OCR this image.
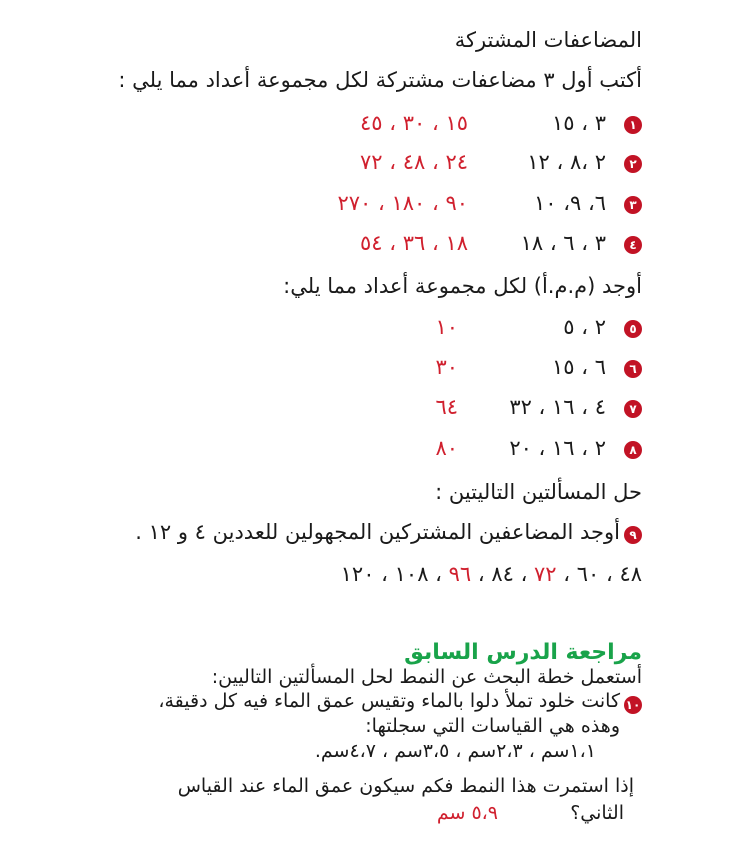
المضاعفات المشتركة
أكتب أول ٣ مضاعفات مشتركة لكل مجموعة أعداد مما يلي :
١
٣ ، ١٥
١٥ ، ٣٠ ، ٤٥
٢
٢ ،٨ ، ١٢
٢٤ ، ٤٨ ، ٧٢
٣
٦، ٩، ١٠
٩٠ ، ١٨٠ ، ٢٧٠
٤
٣ ، ٦ ، ١٨
١٨ ، ٣٦ ، ٥٤
أوجد (م.م.أ) لكل مجموعة أعداد مما يلي:
٥
٢ ، ٥
١٠
٦
٦ ، ١٥
٣٠
٧
٤ ، ١٦ ، ٣٢
٦٤
٨
٢ ، ١٦ ، ٢٠
٨٠
حل المسألتين التاليتين :
٩
أوجد المضاعفين المشتركين المجهولين للعددين ٤ و ١٢ .
٤٨ ، ٦٠ ، ٧٢ ، ٨٤ ، ٩٦ ، ١٠٨ ، ١٢٠
مراجعة الدرس السابق
أستعمل خطة البحث عن النمط لحل المسألتين التاليين:
١٠
كانت خلود تملأ دلوا بالماء وتقيس عمق الماء فيه كل دقيقة،
وهذه هي القياسات التي سجلتها:
١،١سم ، ٢،٣سم ، ٣،٥سم ، ٤،٧سم.
إذا استمرت هذا النمط فكم سيكون عمق الماء عند القياس
الثاني؟
٥،٩ سم
